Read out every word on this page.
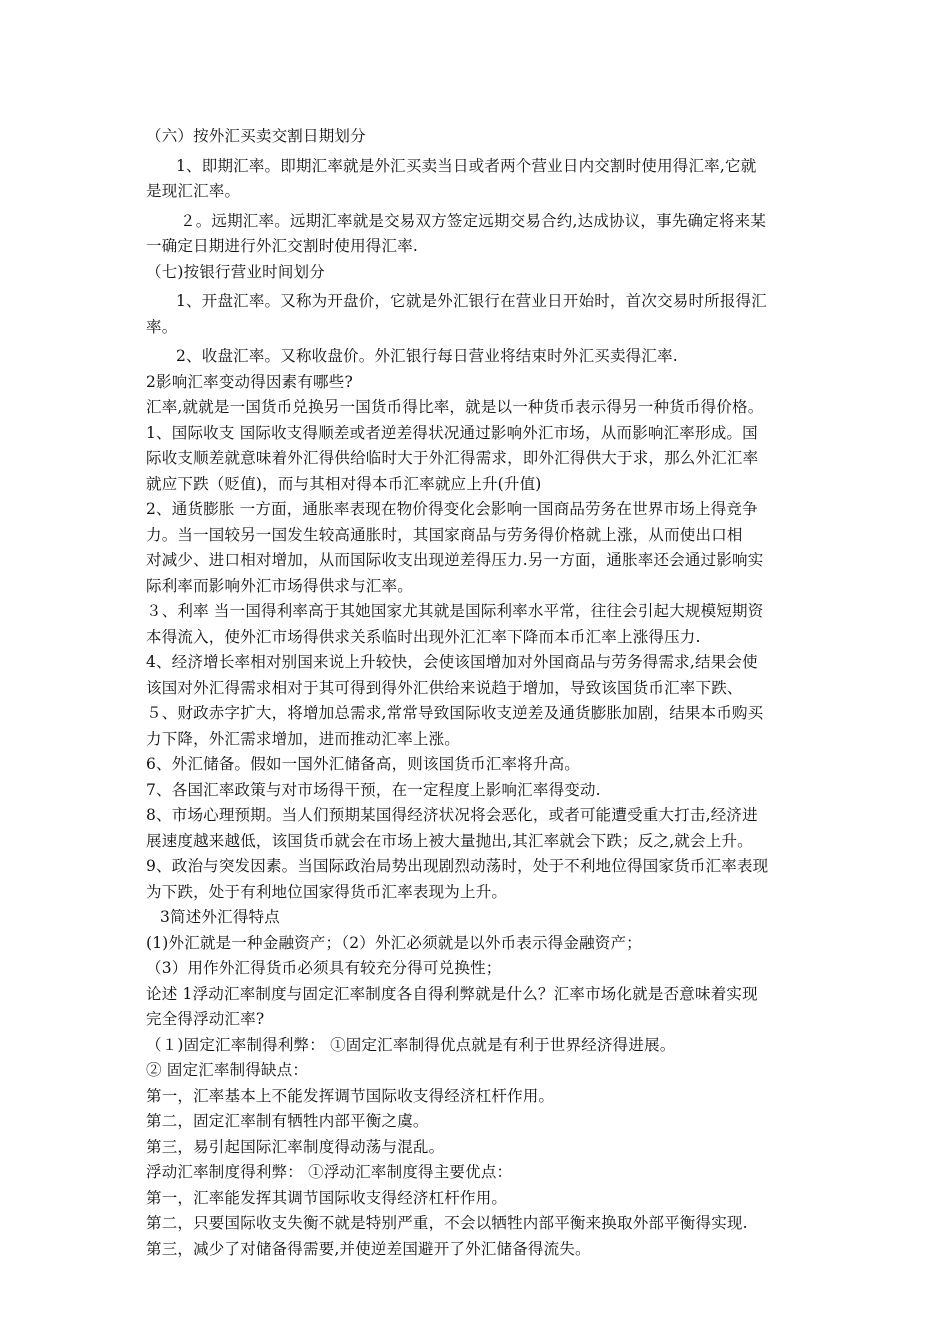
（六）按外汇买卖交割日期划分
1、即期汇率。即期汇率就是外汇买卖当日或者两个营业日内交割时使用得汇率,它就
是现汇汇率。
２。远期汇率。远期汇率就是交易双方签定远期交易合约,达成协议，事先确定将来某
一确定日期进行外汇交割时使用得汇率.
（七)按银行营业时间划分
1、开盘汇率。又称为开盘价，它就是外汇银行在营业日开始时，首次交易时所报得汇
率。
2、收盘汇率。又称收盘价。外汇银行每日营业将结束时外汇买卖得汇率.
2影响汇率变动得因素有哪些?
汇率,就就是一国货币兑换另一国货币得比率，就是以一种货币表示得另一种货币得价格。
1、国际收支 国际收支得顺差或者逆差得状况通过影响外汇市场，从而影响汇率形成。国
际收支顺差就意味着外汇得供给临时大于外汇得需求，即外汇得供大于求，那么外汇汇率
就应下跌（贬值)，而与其相对得本币汇率就应上升(升值)
2、通货膨胀 一方面，通胀率表现在物价得变化会影响一国商品劳务在世界市场上得竞争
力。当一国较另一国发生较高通胀时，其国家商品与劳务得价格就上涨，从而使出口相
对减少、进口相对增加，从而国际收支出现逆差得压力.另一方面，通胀率还会通过影响实
际利率而影响外汇市场得供求与汇率。
３、利率 当一国得利率高于其她国家尤其就是国际利率水平常，往往会引起大规模短期资
本得流入，使外汇市场得供求关系临时出现外汇汇率下降而本币汇率上涨得压力.
4、经济增长率相对别国来说上升较快，会使该国增加对外国商品与劳务得需求,结果会使
该国对外汇得需求相对于其可得到得外汇供给来说趋于增加，导致该国货币汇率下跌、
５、财政赤字扩大，将增加总需求,常常导致国际收支逆差及通货膨胀加剧，结果本币购买
力下降，外汇需求增加，进而推动汇率上涨。
6、外汇储备。假如一国外汇储备高，则该国货币汇率将升高。
7、各国汇率政策与对市场得干预，在一定程度上影响汇率得变动.
8、市场心理预期。当人们预期某国得经济状况将会恶化，或者可能遭受重大打击,经济进
展速度越来越低，该国货币就会在市场上被大量抛出,其汇率就会下跌；反之,就会上升。
9、政治与突发因素。当国际政治局势出现剧烈动荡时，处于不利地位得国家货币汇率表现
为下跌，处于有利地位国家得货币汇率表现为上升。
3简述外汇得特点
(1)外汇就是一种金融资产；（2）外汇必须就是以外币表示得金融资产；
（3）用作外汇得货币必须具有较充分得可兑换性；
论述 1浮动汇率制度与固定汇率制度各自得利弊就是什么？汇率市场化就是否意味着实现
完全得浮动汇率?
（１)固定汇率制得利弊： ①固定汇率制得优点就是有利于世界经济得进展。
② 固定汇率制得缺点：
第一，汇率基本上不能发挥调节国际收支得经济杠杆作用。
第二，固定汇率制有牺牲内部平衡之虞。
第三，易引起国际汇率制度得动荡与混乱。
浮动汇率制度得利弊： ①浮动汇率制度得主要优点：
第一，汇率能发挥其调节国际收支得经济杠杆作用。
第二，只要国际收支失衡不就是特别严重，不会以牺牲内部平衡来换取外部平衡得实现.
第三，减少了对储备得需要,并使逆差国避开了外汇储备得流失。
